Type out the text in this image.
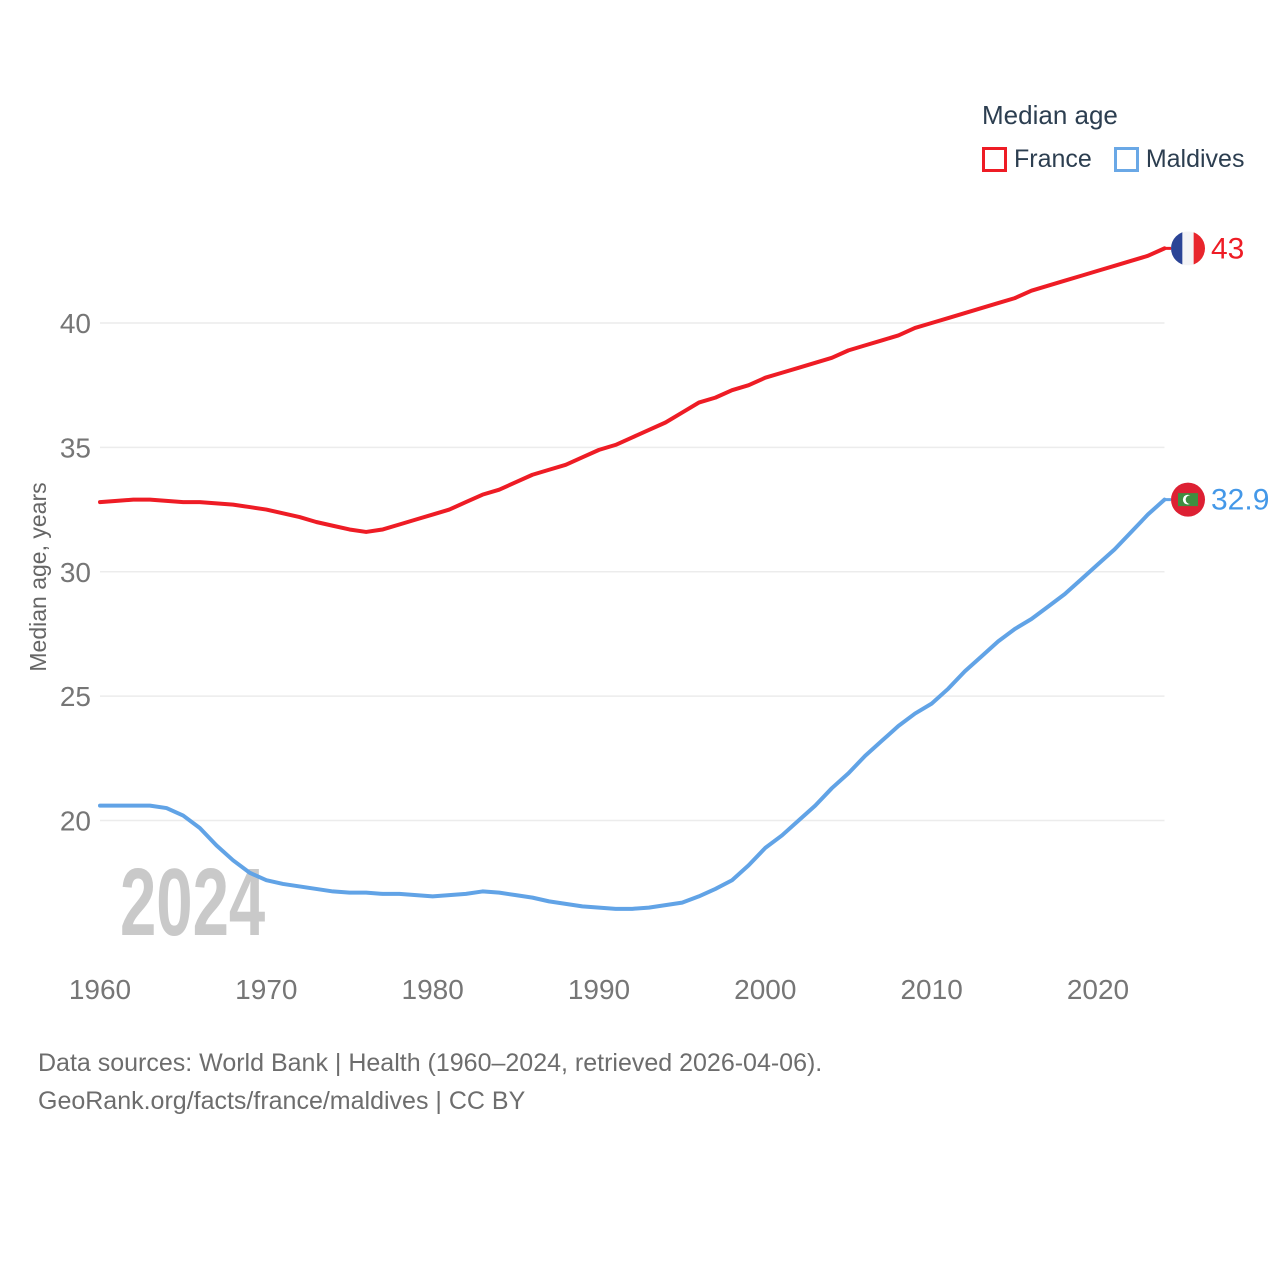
40
35
30
25
20
1960	1970	1980	1990	2000	2010	2020
Median age, years
2024
43
32.9
Median age
France Maldives
Data sources: World Bank | Health (1960–2024, retrieved 2026-04-06).
GeoRank.org/facts/france/maldives | CC BY
